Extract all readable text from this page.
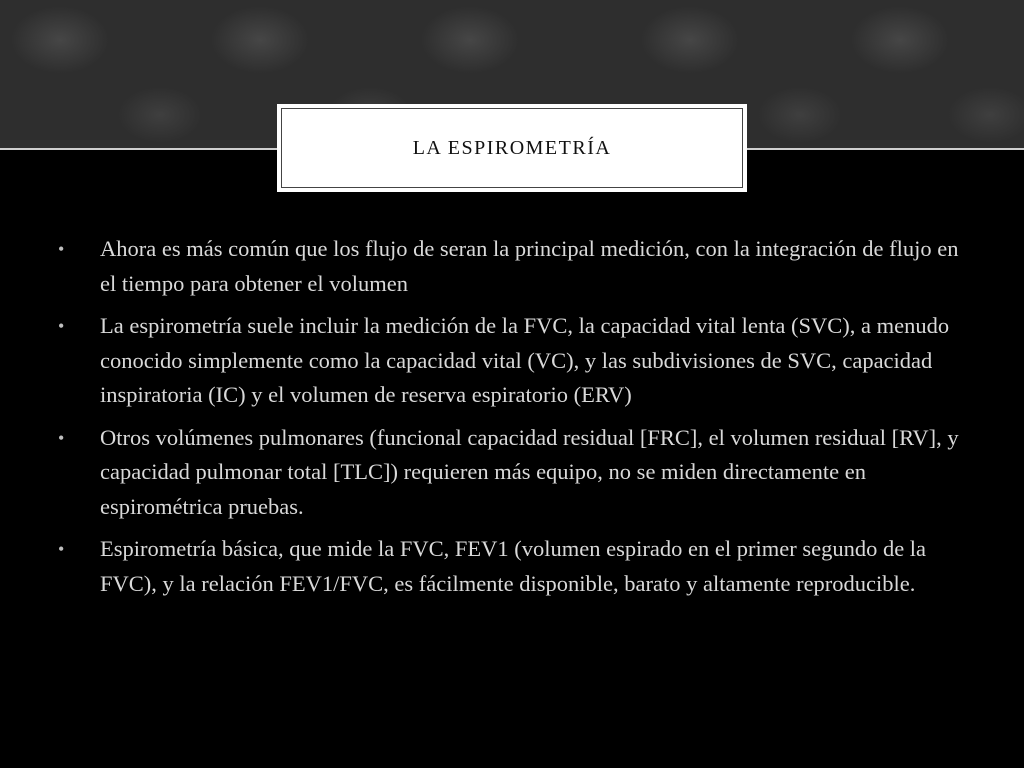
LA ESPIROMETRÍA
• Ahora es más común que los flujo de seran la principal medición, con la integración de flujo en el tiempo para obtener el volumen
• La espirometría suele incluir la medición de la FVC, la capacidad vital lenta (SVC), a menudo conocido simplemente como la capacidad vital (VC), y las subdivisiones de SVC, capacidad inspiratoria (IC) y el volumen de reserva espiratorio (ERV)
• Otros volúmenes pulmonares (funcional capacidad residual [FRC], el volumen residual [RV], y capacidad pulmonar total [TLC]) requieren más equipo, no se miden directamente en espirométrica pruebas.
• Espirometría básica, que mide la FVC, FEV1 (volumen espirado en el primer segundo de la FVC), y la relación FEV1/FVC, es fácilmente disponible, barato y altamente reproducible.
